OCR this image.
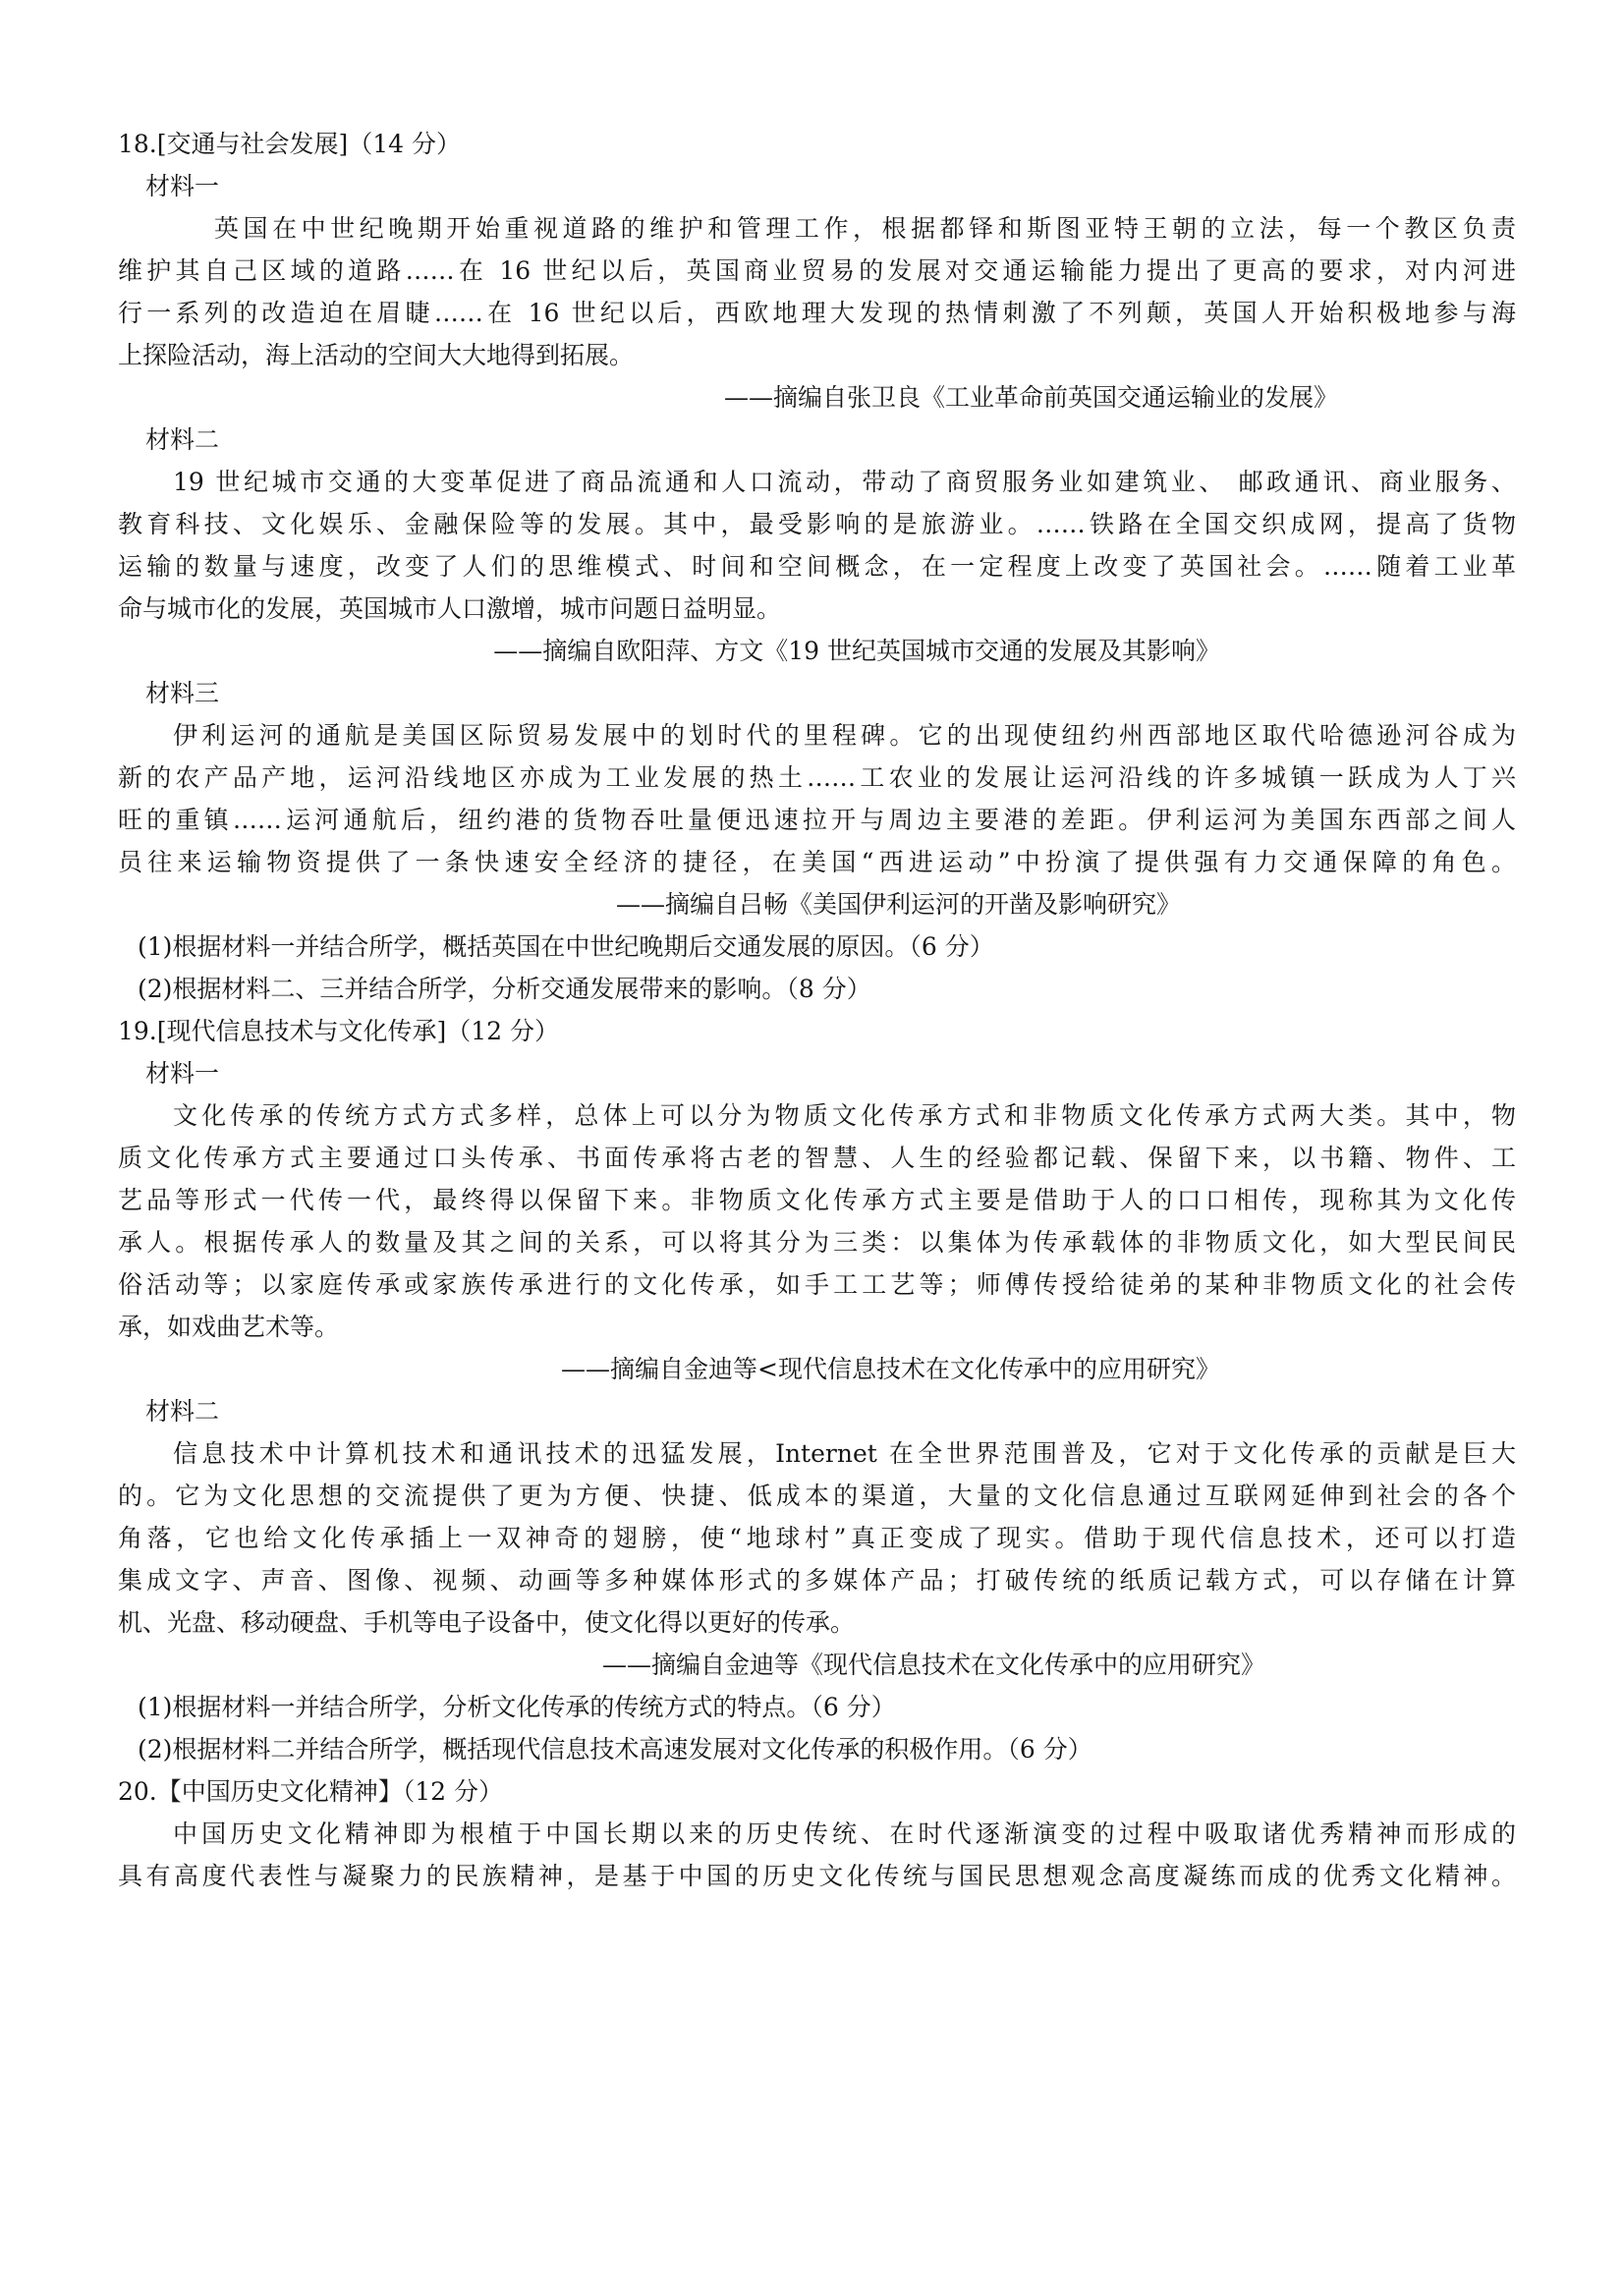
18.[交通与社会发展]（14 分）
材料一
英国在中世纪晚期开始重视道路的维护和管理工作，根据都铎和斯图亚特王朝的立法，每一个教区负责
维护其自己区域的道路……在 16 世纪以后，英国商业贸易的发展对交通运输能力提出了更高的要求，对内河进
行一系列的改造迫在眉睫……在 16 世纪以后，西欧地理大发现的热情刺激了不列颠，英国人开始积极地参与海
上探险活动，海上活动的空间大大地得到拓展。
——摘编自张卫良《工业革命前英国交通运输业的发展》
材料二
19 世纪城市交通的大变革促进了商品流通和人口流动，带动了商贸服务业如建筑业、 邮政通讯、商业服务、
教育科技、文化娱乐、金融保险等的发展。其中，最受影响的是旅游业。……铁路在全国交织成网，提高了货物
运输的数量与速度，改变了人们的思维模式、时间和空间概念，在一定程度上改变了英国社会。……随着工业革
命与城市化的发展，英国城市人口激增，城市问题日益明显。
——摘编自欧阳萍、方文《19 世纪英国城市交通的发展及其影响》
材料三
伊利运河的通航是美国区际贸易发展中的划时代的里程碑。它的出现使纽约州西部地区取代哈德逊河谷成为
新的农产品产地，运河沿线地区亦成为工业发展的热土……工农业的发展让运河沿线的许多城镇一跃成为人丁兴
旺的重镇……运河通航后，纽约港的货物吞吐量便迅速拉开与周边主要港的差距。伊利运河为美国东西部之间人
员往来运输物资提供了一条快速安全经济的捷径，在美国“西进运动”中扮演了提供强有力交通保障的角色。
——摘编自吕畅《美国伊利运河的开凿及影响研究》
(1)根据材料一并结合所学，概括英国在中世纪晚期后交通发展的原因。（6 分）
(2)根据材料二、三并结合所学，分析交通发展带来的影响。（8 分）
19.[现代信息技术与文化传承]（12 分）
材料一
文化传承的传统方式方式多样，总体上可以分为物质文化传承方式和非物质文化传承方式两大类。其中，物
质文化传承方式主要通过口头传承、书面传承将古老的智慧、人生的经验都记载、保留下来，以书籍、物件、工
艺品等形式一代传一代，最终得以保留下来。非物质文化传承方式主要是借助于人的口口相传，现称其为文化传
承人。根据传承人的数量及其之间的关系，可以将其分为三类：以集体为传承载体的非物质文化，如大型民间民
俗活动等；以家庭传承或家族传承进行的文化传承，如手工工艺等；师傅传授给徒弟的某种非物质文化的社会传
承，如戏曲艺术等。
——摘编自金迪等<现代信息技术在文化传承中的应用研究》
材料二
信息技术中计算机技术和通讯技术的迅猛发展，Internet 在全世界范围普及，它对于文化传承的贡献是巨大
的。它为文化思想的交流提供了更为方便、快捷、低成本的渠道，大量的文化信息通过互联网延伸到社会的各个
角落，它也给文化传承插上一双神奇的翅膀，使“地球村”真正变成了现实。借助于现代信息技术，还可以打造
集成文字、声音、图像、视频、动画等多种媒体形式的多媒体产品；打破传统的纸质记载方式，可以存储在计算
机、光盘、移动硬盘、手机等电子设备中，使文化得以更好的传承。
——摘编自金迪等《现代信息技术在文化传承中的应用研究》
(1)根据材料一并结合所学，分析文化传承的传统方式的特点。（6 分）
(2)根据材料二并结合所学，概括现代信息技术高速发展对文化传承的积极作用。（6 分）
20.【中国历史文化精神】（12 分）
中国历史文化精神即为根植于中国长期以来的历史传统、在时代逐渐演变的过程中吸取诸优秀精神而形成的
具有高度代表性与凝聚力的民族精神，是基于中国的历史文化传统与国民思想观念高度凝练而成的优秀文化精神。
